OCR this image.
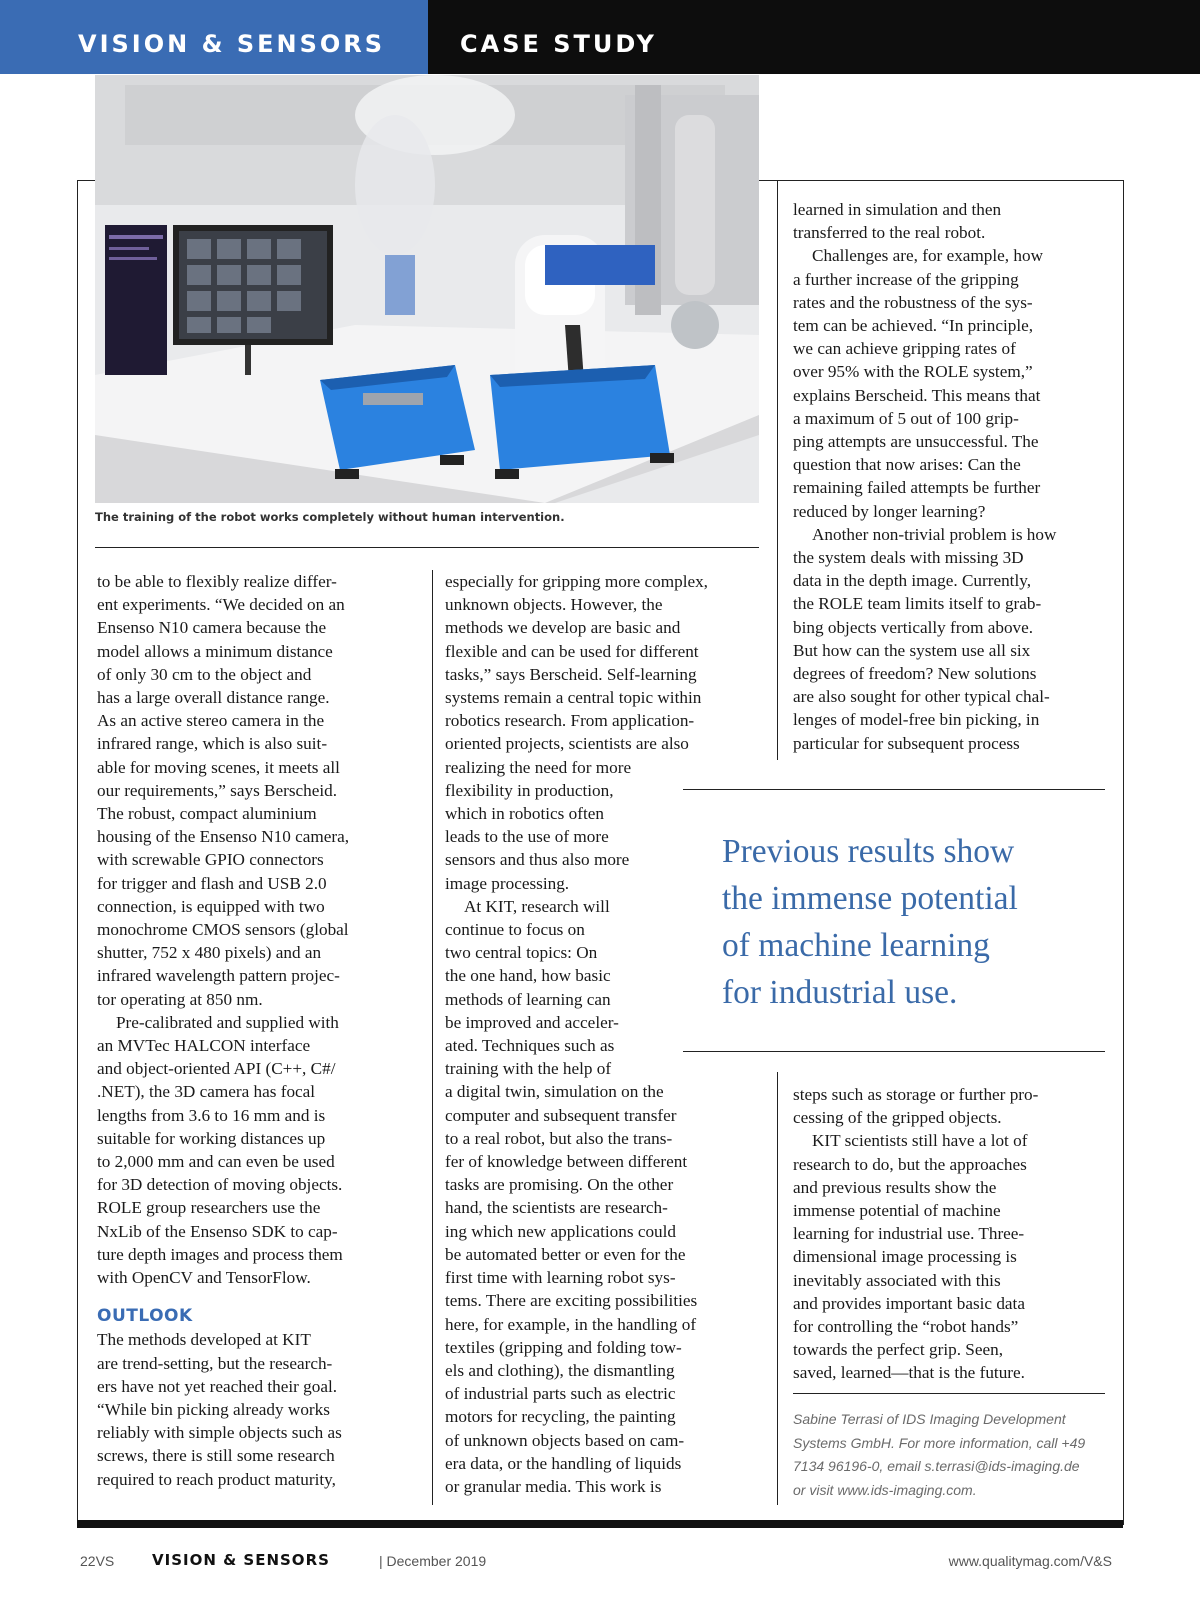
VISION & SENSORS	CASE STUDY
The training of the robot works completely without human intervention.

to be able to flexibly realize differ-

ent experiments. “We decided on an

Ensenso N10 camera because the

model allows a minimum distance

of only 30 cm to the object and

has a large overall distance range.

As an active stereo camera in the

infrared range, which is also suit-

able for moving scenes, it meets all

our requirements,” says Berscheid.

The robust, compact aluminium

housing of the Ensenso N10 camera,

with screwable GPIO connectors

for trigger and flash and USB 2.0

connection, is equipped with two

monochrome CMOS sensors (global

shutter, 752 x 480 pixels) and an

infrared wavelength pattern projec-

tor operating at 850 nm.

Pre-calibrated and supplied with

an MVTec HALCON interface

and object-oriented API (C++, C#/

.NET), the 3D camera has focal

lengths from 3.6 to 16 mm and is

suitable for working distances up

to 2,000 mm and can even be used

for 3D detection of moving objects.

ROLE group researchers use the

NxLib of the Ensenso SDK to cap-

ture depth images and process them

with OpenCV and TensorFlow.

OUTLOOK

The methods developed at KIT

are trend-setting, but the research-

ers have not yet reached their goal.

“While bin picking already works

reliably with simple objects such as

screws, there is still some research

required to reach product maturity,

especially for gripping more complex,

unknown objects. However, the

methods we develop are basic and

flexible and can be used for different

tasks,” says Berscheid. Self-learning

systems remain a central topic within

robotics research. From application-

oriented projects, scientists are also

realizing the need for more

flexibility in production,

which in robotics often

leads to the use of more

sensors and thus also more

image processing.

At KIT, research will

continue to focus on

two central topics: On

the one hand, how basic

methods of learning can

be improved and acceler-

ated. Techniques such as

training with the help of

a digital twin, simulation on the

computer and subsequent transfer

to a real robot, but also the trans-

fer of knowledge between different

tasks are promising. On the other

hand, the scientists are research-

ing which new applications could

be automated better or even for the

first time with learning robot sys-

tems. There are exciting possibilities

here, for example, in the handling of

textiles (gripping and folding tow-

els and clothing), the dismantling

of industrial parts such as electric

motors for recycling, the painting

of unknown objects based on cam-

era data, or the handling of liquids

or granular media. This work is

learned in simulation and then

transferred to the real robot.

Challenges are, for example, how

a further increase of the gripping

rates and the robustness of the sys-

tem can be achieved. “In principle,

we can achieve gripping rates of

over 95% with the ROLE system,”

explains Berscheid. This means that

a maximum of 5 out of 100 grip-

ping attempts are unsuccessful. The

question that now arises: Can the

remaining failed attempts be further

reduced by longer learning?

Another non-trivial problem is how

the system deals with missing 3D

data in the depth image. Currently,

the ROLE team limits itself to grab-

bing objects vertically from above.

But how can the system use all six

degrees of freedom? New solutions

are also sought for other typical chal-

lenges of model-free bin picking, in

particular for subsequent process

Previous results show

the immense potential

of machine learning

for industrial use.

steps such as storage or further pro-

cessing of the gripped objects.

KIT scientists still have a lot of

research to do, but the approaches

and previous results show the

immense potential of machine

learning for industrial use. Three-

dimensional image processing is

inevitably associated with this

and provides important basic data

for controlling the “robot hands”

towards the perfect grip. Seen,

saved, learned—that is the future.

Sabine Terrasi of IDS Imaging Development

Systems GmbH. For more information, call +49

7134 96196-0, email s.terrasi@ids-imaging.de

or visit www.ids-imaging.com.

22VS	VISION & SENSORS	| December 2019	www.qualitymag.com/V&S
